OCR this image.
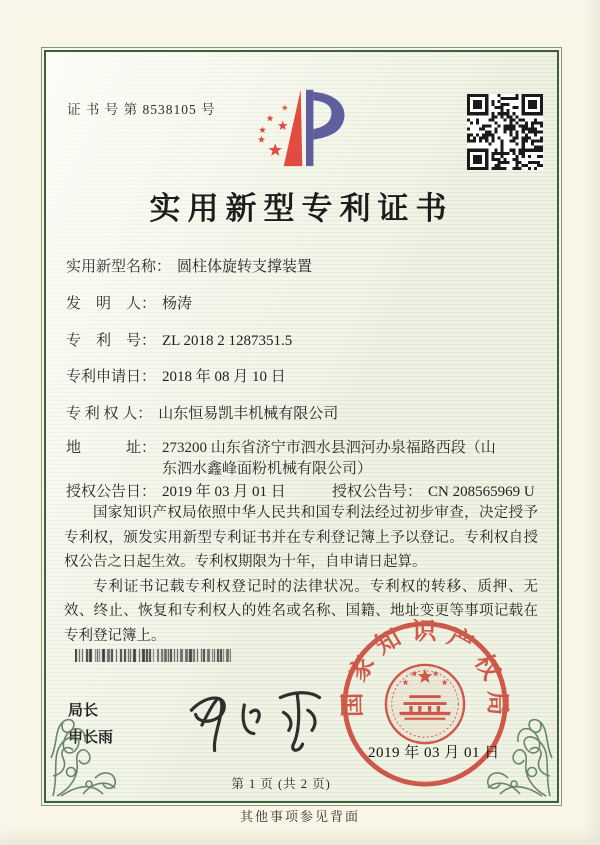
证 书 号 第 8538105 号
实用新型专利证书
实用新型名称： 圆柱体旋转支撑装置
发　明　人： 杨涛
专　利　号： ZL 2018 2 1287351.5
专利申请日： 2018 年 08 月 10 日
专 利 权 人： 山东恒易凯丰机械有限公司
地　　　址： 273200 山东省济宁市泗水县泗河办泉福路西段（山东泗水鑫峰面粉机械有限公司）
授权公告日： 2019 年 03 月 01 日	授权公告号： CN 208565969 U

国家知识产权局依照中华人民共和国专利法经过初步审查，决定授予专利权，颁发实用新型专利证书并在专利登记簿上予以登记。专利权自授权公告之日起生效。专利权期限为十年，自申请日起算。

专利证书记载专利权登记时的法律状况。专利权的转移、质押、无效、终止、恢复和专利权人的姓名或名称、国籍、地址变更等事项记载在专利登记簿上。

局长
申长雨
国家知识产权局
2019 年 03 月 01 日
第 1 页 (共 2 页)
其他事项参见背面
